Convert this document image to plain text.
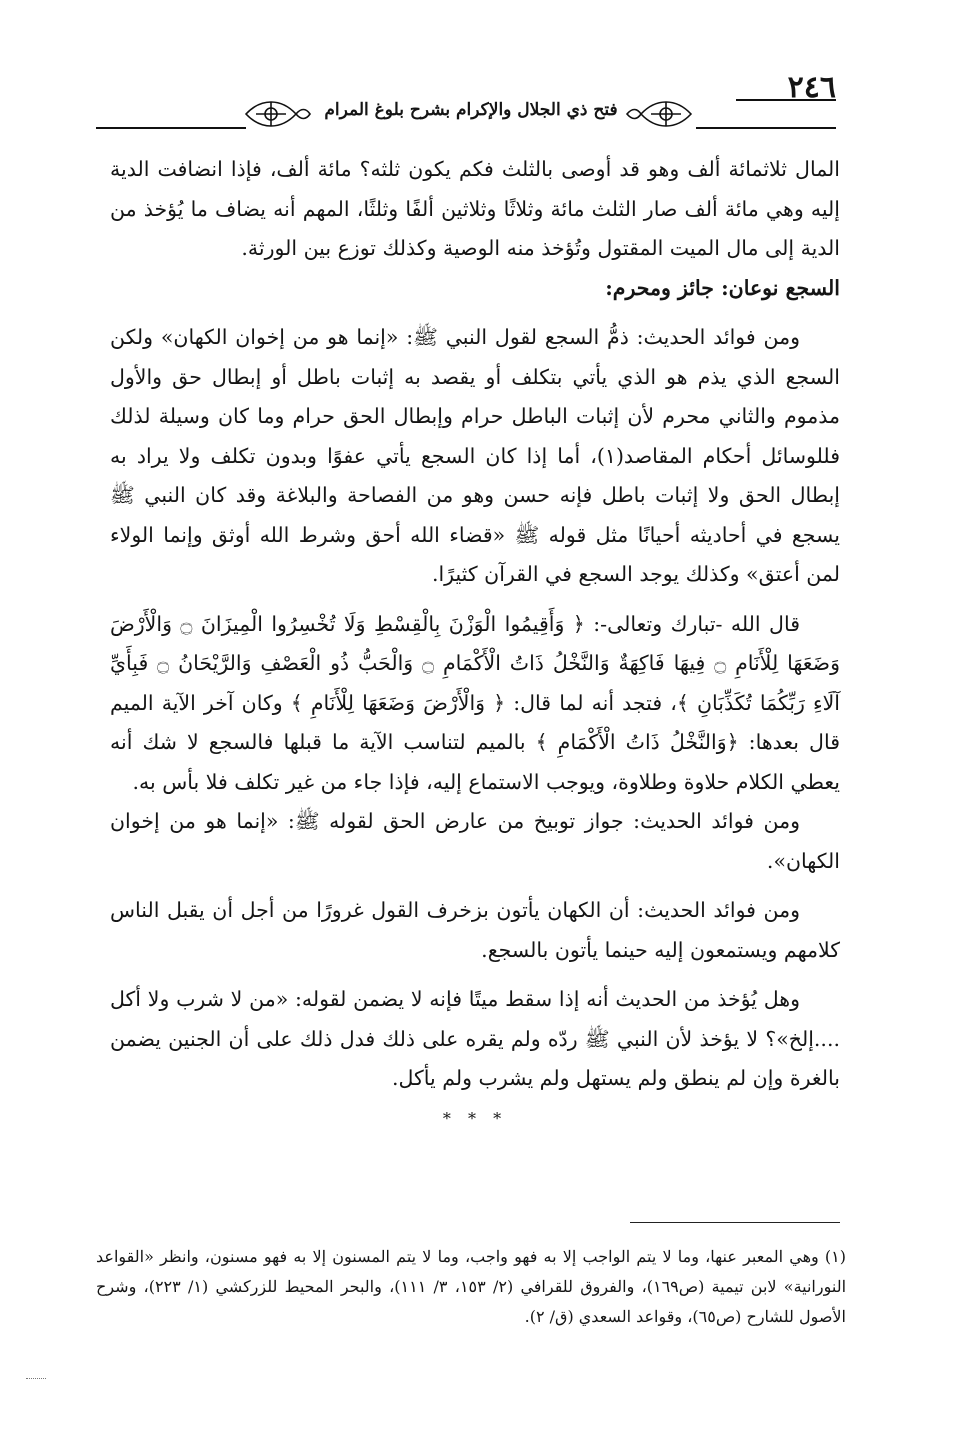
٢٤٦
فتح ذي الجلال والإكرام بشرح بلوغ المرام

المال ثلاثمائة ألف وهو قد أوصى بالثلث فكم يكون ثلثه؟ مائة ألف، فإذا انضافت الدية إليه وهي مائة ألف صار الثلث مائة وثلاثًا وثلاثين ألفًا وثلثًا، المهم أنه يضاف ما يُؤخذ من الدية إلى مال الميت المقتول وتُؤخذ منه الوصية وكذلك توزع بين الورثة.

السجع نوعان: جائز ومحرم:

ومن فوائد الحديث: ذمُّ السجع لقول النبي ﷺ: «إنما هو من إخوان الكهان» ولكن السجع الذي يذم هو الذي يأتي بتكلف أو يقصد به إثبات باطل أو إبطال حق والأول مذموم والثاني محرم لأن إثبات الباطل حرام وإبطال الحق حرام وما كان وسيلة لذلك فللوسائل أحكام المقاصد(١)، أما إذا كان السجع يأتي عفوًا وبدون تكلف ولا يراد به إبطال الحق ولا إثبات باطل فإنه حسن وهو من الفصاحة والبلاغة وقد كان النبي ﷺ يسجع في أحاديثه أحيانًا مثل قوله ﷺ «قضاء الله أحق وشرط الله أوثق وإنما الولاء لمن أعتق» وكذلك يوجد السجع في القرآن كثيرًا.

قال الله -تبارك وتعالى-: ﴿ وَأَقِيمُوا الْوَزْنَ بِالْقِسْطِ وَلَا تُخْسِرُوا الْمِيزَانَ ۝ وَالْأَرْضَ وَضَعَهَا لِلْأَنَامِ ۝ فِيهَا فَاكِهَةٌ وَالنَّخْلُ ذَاتُ الْأَكْمَامِ ۝ وَالْحَبُّ ذُو الْعَصْفِ وَالرَّيْحَانُ ۝ فَبِأَيِّ آلَاءِ رَبِّكُمَا تُكَذِّبَانِ ﴾، فتجد أنه لما قال: ﴿ وَالْأَرْضَ وَضَعَهَا لِلْأَنَامِ ﴾ وكان آخر الآية الميم قال بعدها: ﴿وَالنَّخْلُ ذَاتُ الْأَكْمَامِ ﴾ بالميم لتناسب الآية ما قبلها فالسجع لا شك أنه يعطي الكلام حلاوة وطلاوة، ويوجب الاستماع إليه، فإذا جاء من غير تكلف فلا بأس به.

ومن فوائد الحديث: جواز توبيخ من عارض الحق لقوله ﷺ: «إنما هو من إخوان الكهان».

ومن فوائد الحديث: أن الكهان يأتون بزخرف القول غرورًا من أجل أن يقبل الناس كلامهم ويستمعون إليه حينما يأتون بالسجع.

وهل يُؤخذ من الحديث أنه إذا سقط ميتًا فإنه لا يضمن لقوله: «من لا شرب ولا أكل ....إلخ»؟ لا يؤخذ لأن النبي ﷺ ردّه ولم يقره على ذلك فدل ذلك على أن الجنين يضمن بالغرة وإن لم ينطق ولم يستهل ولم يشرب ولم يأكل.

* * *

(١) وهي المعبر عنها، وما لا يتم الواجب إلا به فهو واجب، وما لا يتم المسنون إلا به فهو مسنون، وانظر «القواعد النورانية» لابن تيمية (ص١٦٩)، والفروق للقرافي (٢/ ١٥٣، ٣/ ١١١)، والبحر المحيط للزركشي (١/ ٢٢٣)، وشرح الأصول للشارح (ص٦٥)، وقواعد السعدي (ق/ ٢).
